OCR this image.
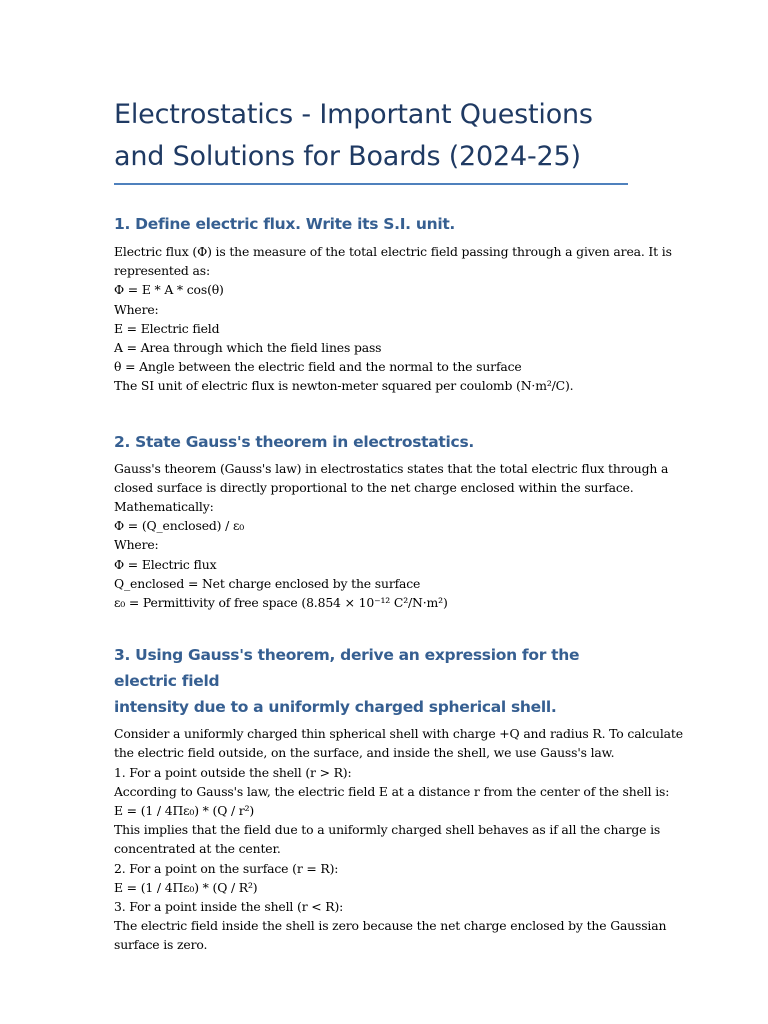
Electrostatics - Important Questions
and Solutions for Boards (2024-25)
1. Define electric flux. Write its S.I. unit.

Electric flux (Φ) is the measure of the total electric field passing through a given area. It is

represented as:

Φ = E * A * cos(θ)

Where:

E = Electric field

A = Area through which the field lines pass

θ = Angle between the electric field and the normal to the surface

The SI unit of electric flux is newton-meter squared per coulomb (N·m²/C).

2. State Gauss's theorem in electrostatics.

Gauss's theorem (Gauss's law) in electrostatics states that the total electric flux through a

closed surface is directly proportional to the net charge enclosed within the surface.

Mathematically:

Φ = (Q_enclosed) / ε₀

Where:

Φ = Electric flux

Q_enclosed = Net charge enclosed by the surface

ε₀ = Permittivity of free space (8.854 × 10⁻¹² C²/N·m²)

3. Using Gauss's theorem, derive an expression for the electric field
intensity due to a uniformly charged spherical shell.

Consider a uniformly charged thin spherical shell with charge +Q and radius R. To calculate

the electric field outside, on the surface, and inside the shell, we use Gauss's law.

1. For a point outside the shell (r > R):

According to Gauss's law, the electric field E at a distance r from the center of the shell is:

E = (1 / 4Πε₀) * (Q / r²)

This implies that the field due to a uniformly charged shell behaves as if all the charge is

concentrated at the center.

2. For a point on the surface (r = R):

E = (1 / 4Πε₀) * (Q / R²)

3. For a point inside the shell (r < R):

The electric field inside the shell is zero because the net charge enclosed by the Gaussian

surface is zero.
